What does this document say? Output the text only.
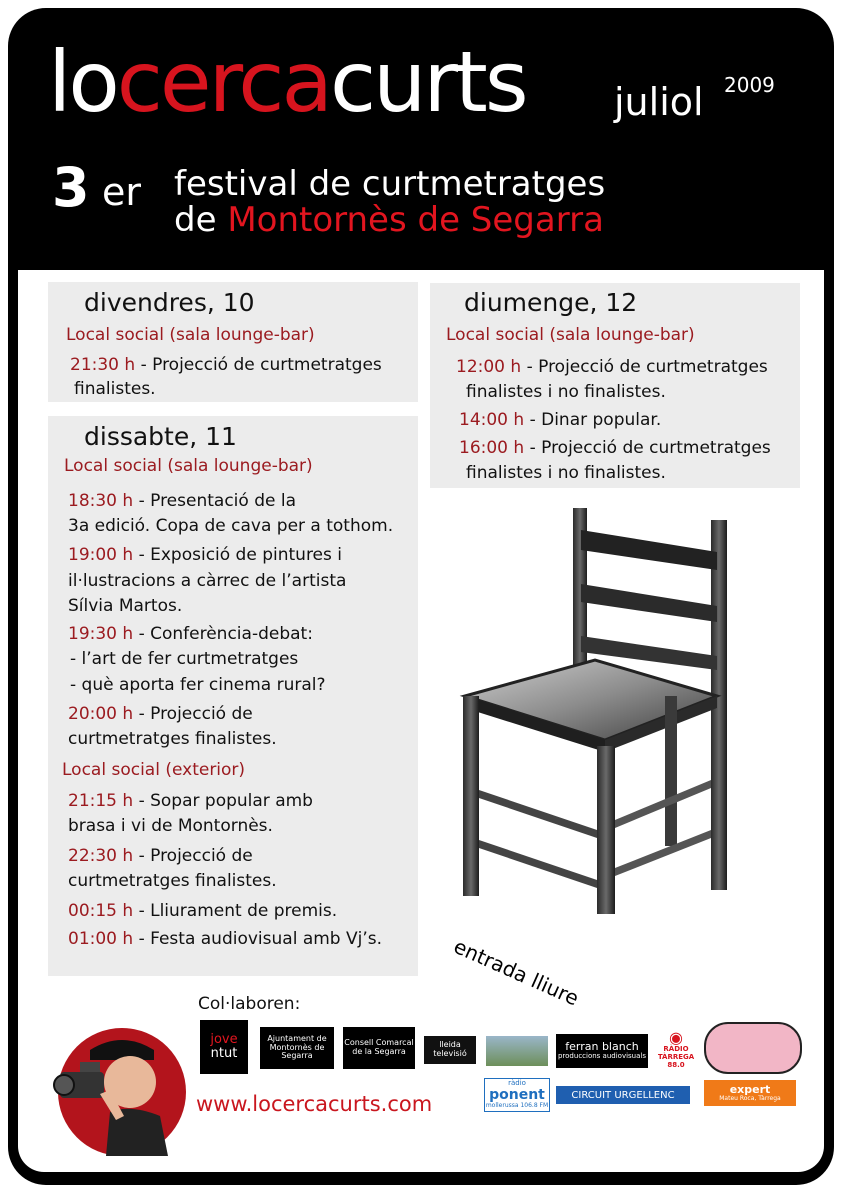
locercacurts juliol 2009
3 er festival de curtmetratges
de Montornès de Segarra
divendres, 10
Local social (sala lounge-bar)
21:30 h - Projecció de curtmetratges
finalistes.
dissabte, 11
Local social (sala lounge-bar)
18:30 h - Presentació de la
3a edició. Copa de cava per a tothom.
19:00 h - Exposició de pintures i
il·lustracions a càrrec de l’artista
Sílvia Martos.
19:30 h - Conferència-debat:
- l’art de fer curtmetratges
- què aporta fer cinema rural?
20:00 h - Projecció de
curtmetratges finalistes.
Local social (exterior)
21:15 h - Sopar popular amb
brasa i vi de Montornès.
22:30 h - Projecció de
curtmetratges finalistes.
00:15 h - Lliurament de premis.
01:00 h - Festa audiovisual amb Vj’s.
diumenge, 12
Local social (sala lounge-bar)
12:00 h - Projecció de curtmetratges
finalistes i no finalistes.
14:00 h - Dinar popular.
16:00 h - Projecció de curtmetratges
finalistes i no finalistes.
entrada lliure
Col·laboren:
jove
ntut
Ajuntament de Montornès de Segarra
Consell Comarcal de la Segarra
lleida televisió
ferran blanch
produccions audiovisuals
◉
RÀDIO TÀRREGA
88.0
ràdio
ponent
mollerussa 106.8 FM
CIRCUIT URGELLENC	expert
Mateu Roca, Tàrrega
www.locercacurts.com
